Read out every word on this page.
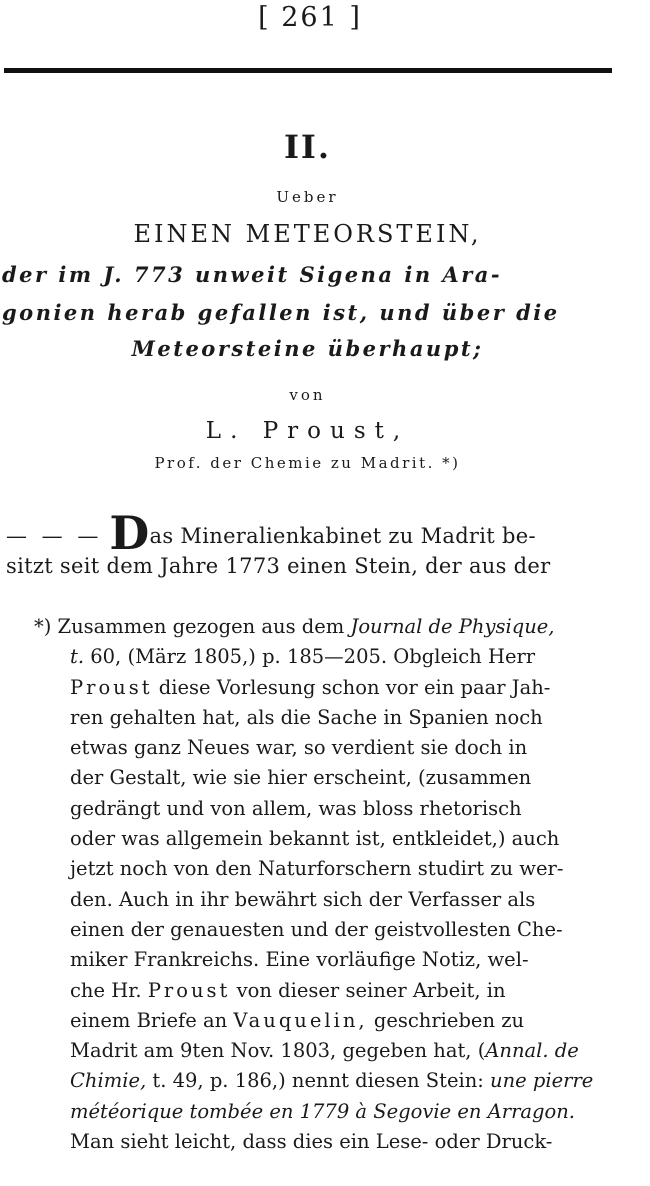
[ 261 ]
II.
Ueber
EINEN METEORSTEIN,
der im J. 773 unweit Sigena in Ara-
gonien herab gefallen ist, und über die
Meteorsteine überhaupt;
von
L. Proust,
Prof. der Chemie zu Madrit. *)
— — — Das Mineralienkabinet zu Madrit be-
sitzt seit dem Jahre 1773 einen Stein, der aus der
*) Zusammen gezogen aus dem Journal de Physique,
t. 60, (März 1805,) p. 185—205. Obgleich Herr
Proust diese Vorlesung schon vor ein paar Jah-
ren gehalten hat, als die Sache in Spanien noch
etwas ganz Neues war, so verdient sie doch in
der Gestalt, wie sie hier erscheint, (zusammen
gedrängt und von allem, was bloss rhetorisch
oder was allgemein bekannt ist, entkleidet,) auch
jetzt noch von den Naturforschern studirt zu wer-
den. Auch in ihr bewährt sich der Verfasser als
einen der genauesten und der geistvollesten Che-
miker Frankreichs. Eine vorläufige Notiz, wel-
che Hr. Proust von dieser seiner Arbeit, in
einem Briefe an Vauquelin, geschrieben zu
Madrit am 9ten Nov. 1803, gegeben hat, (Annal. de
Chimie, t. 49, p. 186,) nennt diesen Stein: une pierre
météorique tombée en 1779 à Segovie en Arragon.
Man sieht leicht, dass dies ein Lese- oder Druck-
